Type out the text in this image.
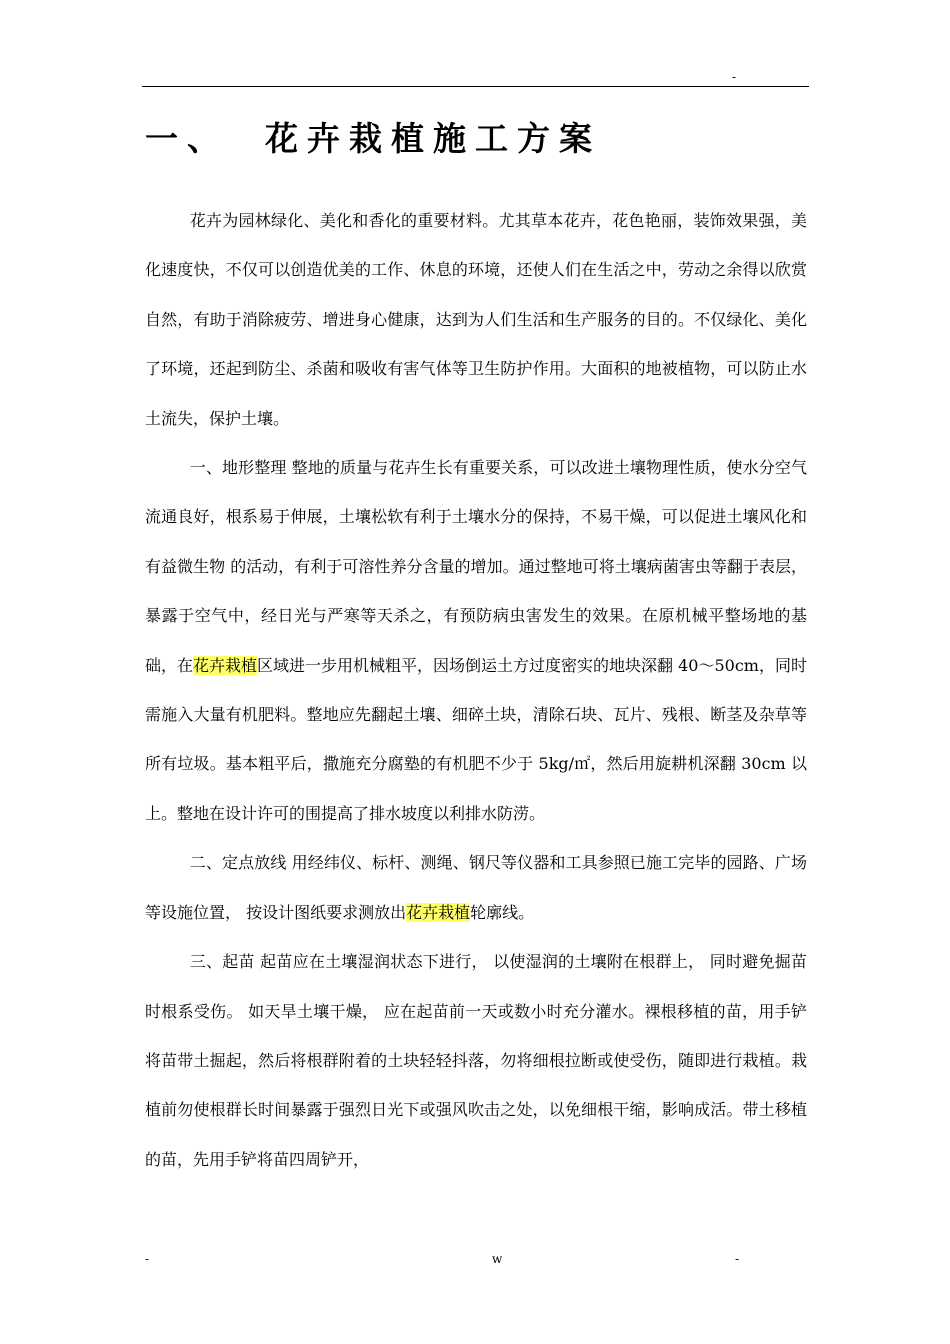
-
一、 花卉栽植施工方案

花卉为园林绿化、美化和香化的重要材料。尤其草本花卉，花色艳丽，装饰效果强，美化速度快，不仅可以创造优美的工作、休息的环境，还使人们在生活之中，劳动之余得以欣赏自然，有助于消除疲劳、增进身心健康，达到为人们生活和生产服务的目的。不仅绿化、美化了环境，还起到防尘、杀菌和吸收有害气体等卫生防护作用。大面积的地被植物，可以防止水土流失，保护土壤。

一、地形整理 整地的质量与花卉生长有重要关系，可以改进土壤物理性质，使水分空气流通良好，根系易于伸展，土壤松软有利于土壤水分的保持，不易干燥，可以促进土壤风化和有益微生物 的活动，有利于可溶性养分含量的增加。通过整地可将土壤病菌害虫等翻于表层，暴露于空气中，经日光与严寒等天杀之，有预防病虫害发生的效果。在原机械平整场地的基础，在花卉栽植区域进一步用机械粗平，因场倒运土方过度密实的地块深翻 40～50cm，同时需施入大量有机肥料。整地应先翻起土壤、细碎土块，清除石块、瓦片、残根、断茎及杂草等所有垃圾。基本粗平后，撒施充分腐塾的有机肥不少于 5kg/㎡，然后用旋耕机深翻 30cm 以上。整地在设计许可的围提高了排水坡度以利排水防涝。

二、定点放线 用经纬仪、标杆、测绳、钢尺等仪器和工具参照已施工完毕的园路、广场等设施位置， 按设计图纸要求测放出花卉栽植轮廓线。

三、起苗 起苗应在土壤湿润状态下进行， 以使湿润的土壤附在根群上， 同时避免掘苗时根系受伤。 如天旱土壤干燥， 应在起苗前一天或数小时充分灌水。裸根移植的苗，用手铲将苗带土掘起，然后将根群附着的土块轻轻抖落，勿将细根拉断或使受伤，随即进行栽植。栽植前勿使根群长时间暴露于强烈日光下或强风吹击之处，以免细根干缩，影响成活。带土移植的苗，先用手铲将苗四周铲开，

-	w	-
